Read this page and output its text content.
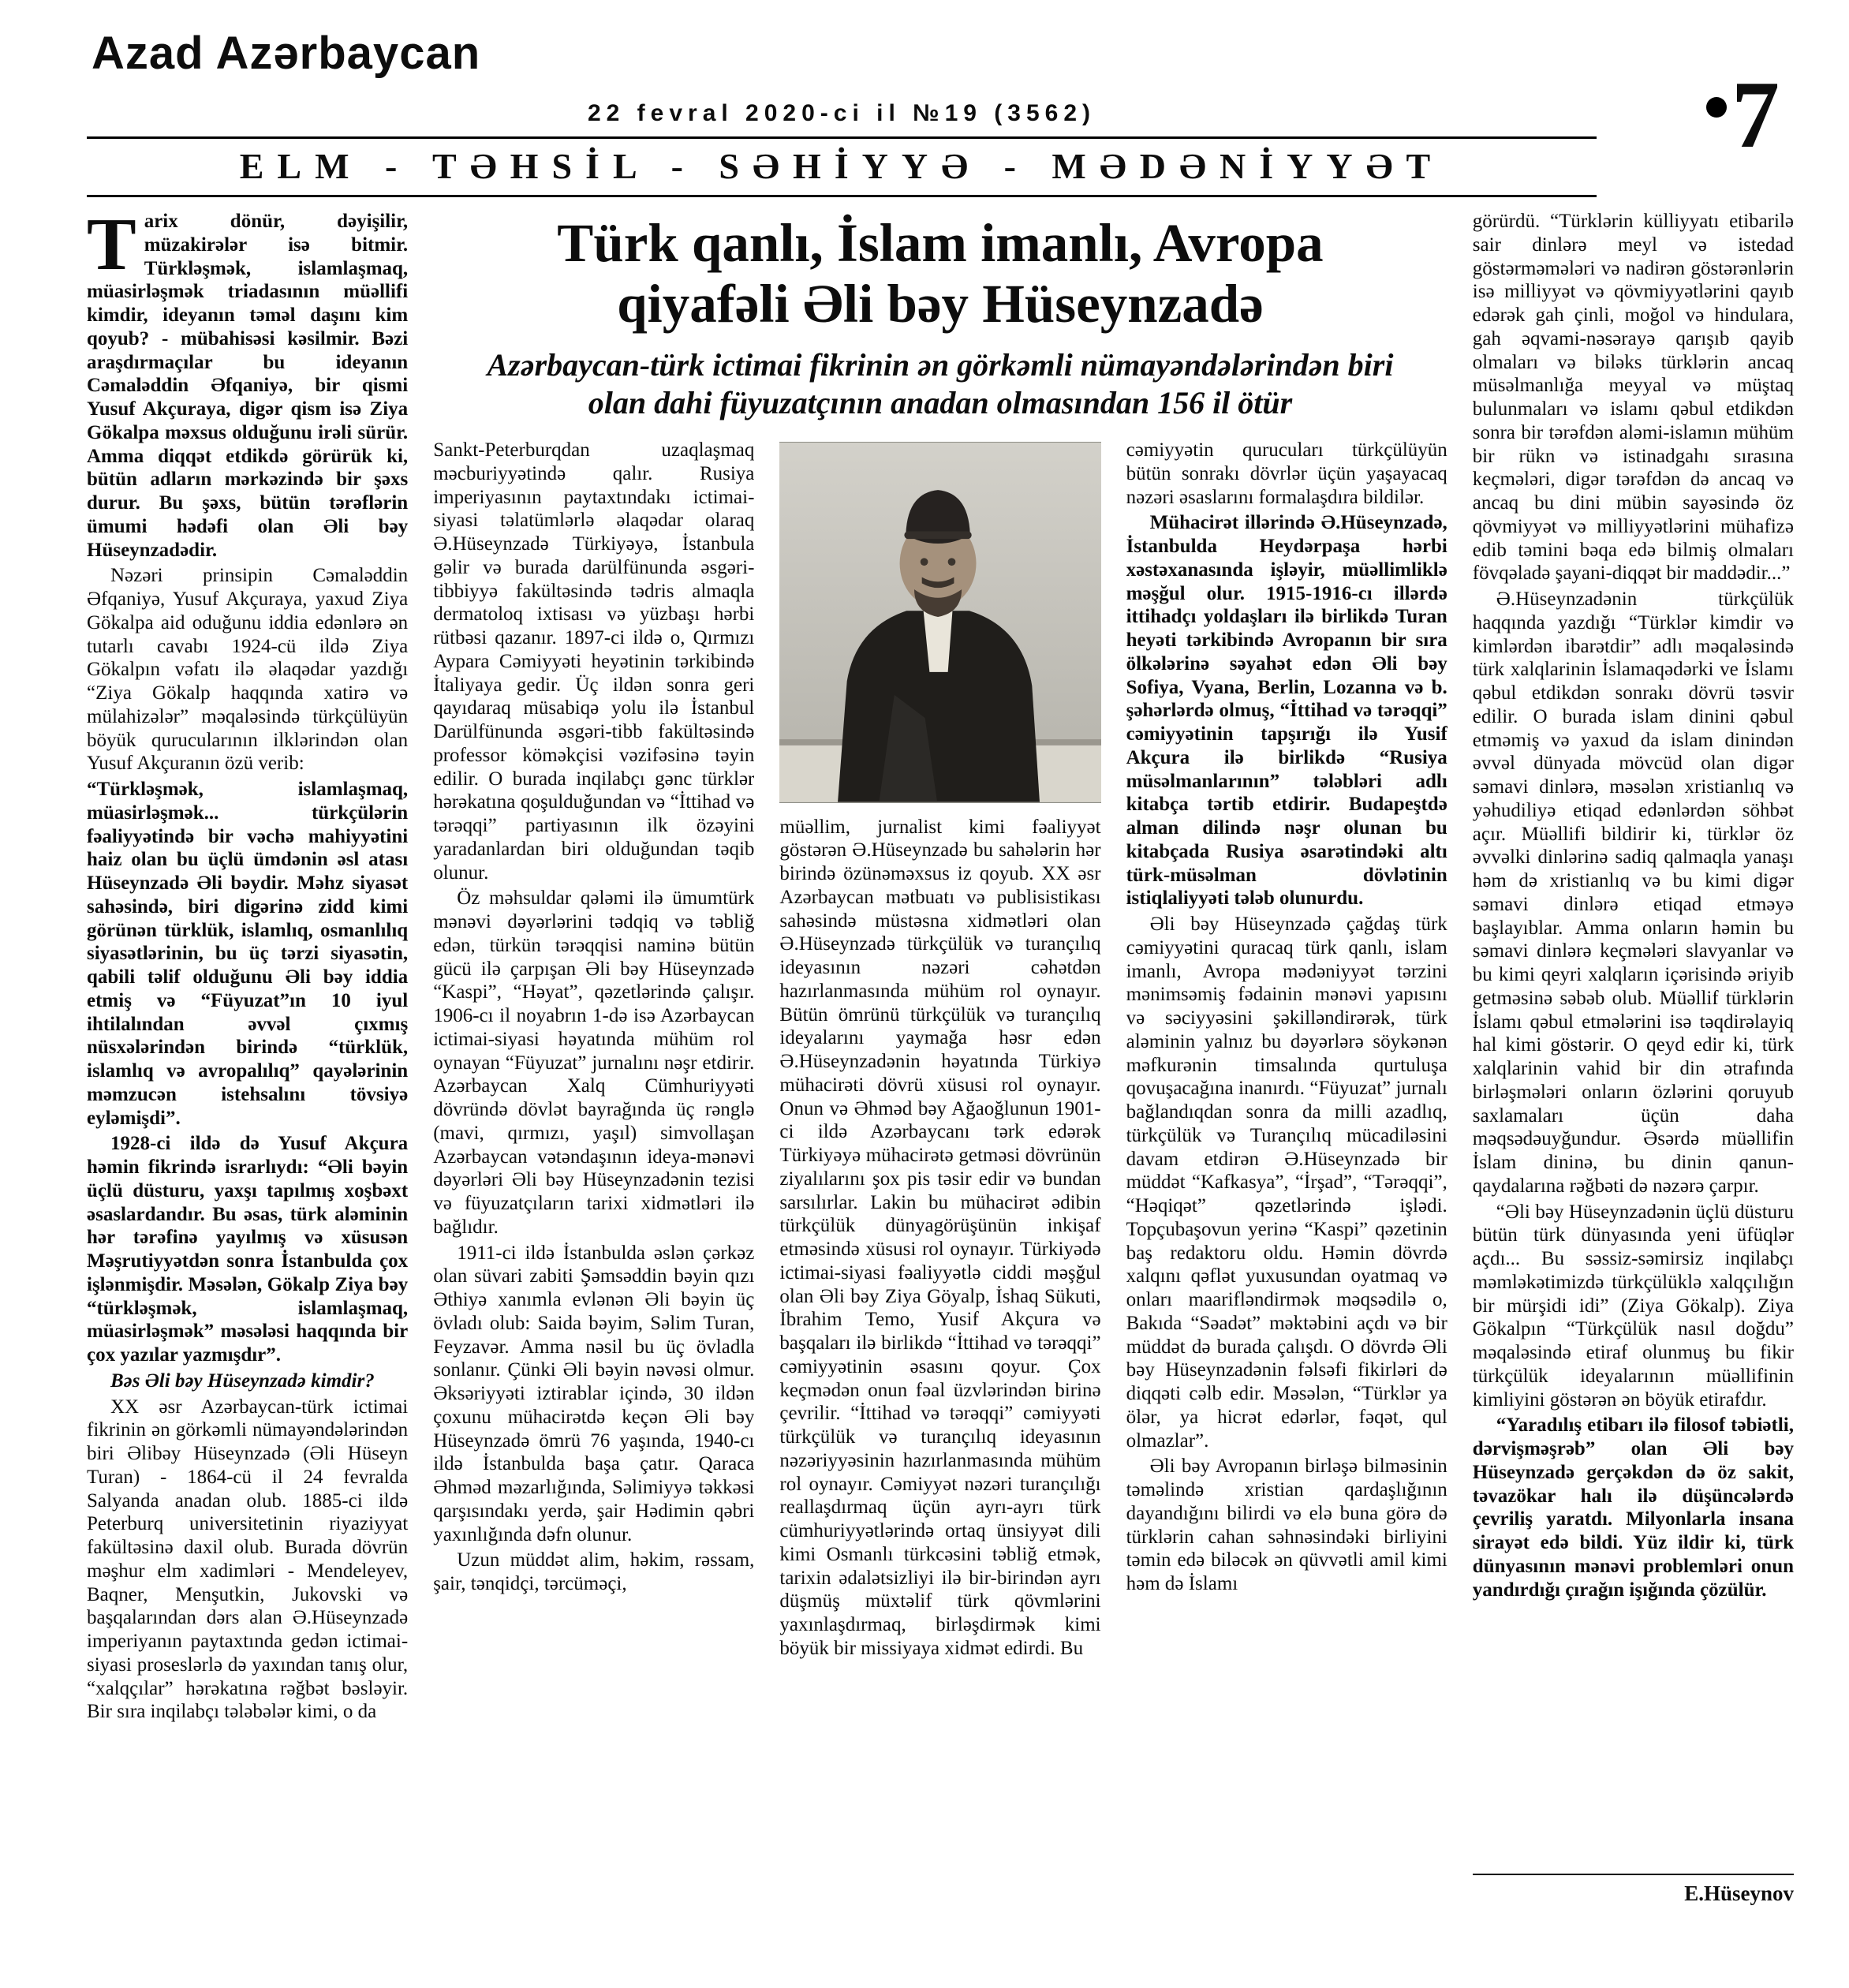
Azad Azərbaycan
22 fevral 2020-ci il №19 (3562)	7
ELM - TƏHSİL - SƏHİYYƏ - MƏDƏNİYYƏT

Tarix dönür, dəyişilir, müzakirələr isə bitmir. Türkləşmək, islamlaşmaq, müasirləşmək triadasının müəllifi kimdir, ideyanın təməl daşını kim qoyub? - mübahisəsi kəsilmir. Bəzi araşdırmaçılar bu ideyanın Cəmaləddin Əfqaniyə, bir qismi Yusuf Akçuraya, digər qism isə Ziya Gökalpa məxsus olduğunu irəli sürür. Amma diqqət etdikdə görürük ki, bütün adların mərkəzində bir şəxs durur. Bu şəxs, bütün tərəflərin ümumi hədəfi olan Əli bəy Hüseynzadədir.

Nəzəri prinsipin Cəmaləddin Əfqaniyə, Yusuf Akçuraya, yaxud Ziya Gökalpa aid oduğunu iddia edənlərə ən tutarlı cavabı 1924-cü ildə Ziya Gökalpın vəfatı ilə əlaqədar yazdığı “Ziya Gökalp haqqında xatirə və mülahizələr” məqaləsində türkçülüyün böyük qurucularının ilklərindən olan Yusuf Akçuranın özü verib:

“Türkləşmək, islamlaşmaq, müasirləşmək... türkçülərin fəaliyyətində bir vəchə mahiyyətini haiz olan bu üçlü ümdənin əsl atası Hüseynzadə Əli bəydir. Məhz siyasət sahəsində, biri digərinə zidd kimi görünən türklük, islamlıq, osmanlılıq siyasətlərinin, bu üç tərzi siyasətin, qabili təlif olduğunu Əli bəy iddia etmiş və “Füyuzat”ın 10 iyul ihtilalından əvvəl çıxmış nüsxələrindən birində “türklük, islamlıq və avropalılıq” qayələrinin məmzucən istehsalını tövsiyə eyləmişdi”.

1928-ci ildə də Yusuf Akçura həmin fikrində israrlıydı: “Əli bəyin üçlü düsturu, yaxşı tapılmış xoşbəxt əsaslardandır. Bu əsas, türk aləminin hər tərəfinə yayılmış və xüsusən Məşrutiyyətdən sonra İstanbulda çox işlənmişdir. Məsələn, Gökalp Ziya bəy “türkləşmək, islamlaşmaq, müasirləşmək” məsələsi haqqında bir çox yazılar yazmışdır”.

Bəs Əli bəy Hüseynzadə kimdir?

XX əsr Azərbaycan-türk ictimai fikrinin ən görkəmli nümayəndələrindən biri Əlibəy Hüseynzadə (Əli Hüseyn Turan) - 1864-cü il 24 fevralda Salyanda anadan olub. 1885-ci ildə Peterburq universitetinin riyaziyyat fakültəsinə daxil olub. Burada dövrün məşhur elm xadimləri - Mendeleyev, Baqner, Menşutkin, Jukovski və başqalarından dərs alan Ə.Hüseynzadə imperiyanın paytaxtında gedən ictimai-siyasi proseslərlə də yaxından tanış olur, “xalqçılar” hərəkatına rəğbət bəsləyir. Bir sıra inqilabçı tələbələr kimi, o da

Türk qanlı, İslam imanlı, Avropa qiyafəli Əli bəy Hüseynzadə
Azərbaycan-türk ictimai fikrinin ən görkəmli nümayəndələrindən biri olan dahi füyuzatçının anadan olmasından 156 il ötür

Sankt-Peterburqdan uzaqlaşmaq məcburiyyətində qalır. Rusiya imperiyasının paytaxtındakı ictimai-siyasi təlatümlərlə əlaqədar olaraq Ə.Hüseynzadə Türkiyəyə, İstanbula gəlir və burada darülfünunda əsgəri-tibbiyyə fakültəsində tədris almaqla dermatoloq ixtisası və yüzbaşı hərbi rütbəsi qazanır. 1897-ci ildə o, Qırmızı Aypara Cəmiyyəti heyətinin tərkibində İtaliyaya gedir. Üç ildən sonra geri qayıdaraq müsabiqə yolu ilə İstanbul Darülfünunda əsgəri-tibb fakültəsində professor köməkçisi vəzifəsinə təyin edilir. O burada inqilabçı gənc türklər hərəkatına qoşulduğundan və “İttihad və tərəqqi” partiyasının ilk özəyini yaradanlardan biri olduğundan təqib olunur.

Öz məhsuldar qələmi ilə ümumtürk mənəvi dəyərlərini tədqiq və təbliğ edən, türkün tərəqqisi naminə bütün gücü ilə çarpışan Əli bəy Hüseynzadə “Kaspi”, “Həyat”, qəzetlərində çalışır. 1906-cı il noyabrın 1-də isə Azərbaycan ictimai-siyasi həyatında mühüm rol oynayan “Füyuzat” jurnalını nəşr etdirir. Azərbaycan Xalq Cümhuriyyəti dövründə dövlət bayrağında üç rənglə (mavi, qırmızı, yaşıl) simvollaşan Azərbaycan vətəndaşının ideya-mənəvi dəyərləri Əli bəy Hüseynzadənin tezisi və füyuzatçıların tarixi xidmətləri ilə bağlıdır.

1911-ci ildə İstanbulda əslən çərkəz olan süvari zabiti Şəmsəddin bəyin qızı Əthiyə xanımla evlənən Əli bəyin üç övladı olub: Saida bəyim, Səlim Turan, Feyzavər. Amma nəsil bu üç övladla sonlanır. Çünki Əli bəyin nəvəsi olmur. Əksəriyyəti iztirablar içində, 30 ildən çoxunu mühacirətdə keçən Əli bəy Hüseynzadə ömrü 76 yaşında, 1940-cı ildə İstanbulda başa çatır. Qaraca Əhməd məzarlığında, Səlimiyyə təkkəsi qarşısındakı yerdə, şair Hədimin qəbri yaxınlığında dəfn olunur.

Uzun müddət alim, həkim, rəssam, şair, tənqidçi, tərcüməçi,

müəllim, jurnalist kimi fəaliyyət göstərən Ə.Hüseynzadə bu sahələrin hər birində özünəməxsus iz qoyub. XX əsr Azərbaycan mətbuatı və publisistikası sahəsində müstəsna xidmətləri olan Ə.Hüseynzadə türkçülük və turançılıq ideyasının nəzəri cəhətdən hazırlanmasında mühüm rol oynayır. Bütün ömrünü türkçülük və turançılıq ideyalarını yaymağa həsr edən Ə.Hüseynzadənin həyatında Türkiyə mühacirəti dövrü xüsusi rol oynayır. Onun və Əhməd bəy Ağaoğlunun 1901-ci ildə Azərbaycanı tərk edərək Türkiyəyə mühacirətə getməsi dövrünün ziyalılarını şox pis təsir edir və bundan sarsılırlar. Lakin bu mühacirət ədibin türkçülük dünyagörüşünün inkişaf etməsində xüsusi rol oynayır. Türkiyədə ictimai-siyasi fəaliyyətlə ciddi məşğul olan Əli bəy Ziya Göyalp, İshaq Sükuti, İbrahim Temo, Yusif Akçura və başqaları ilə birlikdə “İttihad və tərəqqi” cəmiyyətinin əsasını qoyur. Çox keçmədən onun fəal üzvlərindən birinə çevrilir. “İttihad və tərəqqi” cəmiyyəti türkçülük və turançılıq ideyasının nəzəriyyəsinin hazırlanmasında mühüm rol oynayır. Cəmiyyət nəzəri turançılığı reallaşdırmaq üçün ayrı-ayrı türk cümhuriyyətlərində ortaq ünsiyyət dili kimi Osmanlı türkcəsini təbliğ etmək, tarixin ədalətsizliyi ilə bir-birindən ayrı düşmüş müxtəlif türk qövmlərini yaxınlaşdırmaq, birləşdirmək kimi böyük bir missiyaya xidmət edirdi. Bu

cəmiyyətin qurucuları türkçülüyün bütün sonrakı dövrlər üçün yaşayacaq nəzəri əsaslarını formalaşdıra bildilər.

Mühacirət illərində Ə.Hüseynzadə, İstanbulda Heydərpaşa hərbi xəstəxanasında işləyir, müəllimliklə məşğul olur. 1915-1916-cı illərdə ittihadçı yoldaşları ilə birlikdə Turan heyəti tərkibində Avropanın bir sıra ölkələrinə səyahət edən Əli bəy Sofiya, Vyana, Berlin, Lozanna və b. şəhərlərdə olmuş, “İttihad və tərəqqi” cəmiyyətinin tapşırığı ilə Yusif Akçura ilə birlikdə “Rusiya müsəlmanlarının” tələbləri adlı kitabça tərtib etdirir. Budapeştdə alman dilində nəşr olunan bu kitabçada Rusiya əsarətindəki altı türk-müsəlman dövlətinin istiqlaliyyəti tələb olunurdu.

Əli bəy Hüseynzadə çağdaş türk cəmiyyətini quracaq türk qanlı, islam imanlı, Avropa mədəniyyət tərzini mənimsəmiş fədainin mənəvi yapısını və səciyyəsini şəkilləndirərək, türk aləminin yalnız bu dəyərlərə söykənən məfkurənin timsalında qurtuluşa qovuşacağına inanırdı. “Füyuzat” jurnalı bağlandıqdan sonra da milli azadlıq, türkçülük və Turançılıq mücadiləsini davam etdirən Ə.Hüseynzadə bir müddət “Kafkasya”, “İrşad”, “Tərəqqi”, “Həqiqət” qəzetlərində işlədi. Topçubaşovun yerinə “Kaspi” qəzetinin baş redaktoru oldu. Həmin dövrdə xalqını qəflət yuxusundan oyatmaq və onları maarifləndirmək məqsədilə o, Bakıda “Səadət” məktəbini açdı və bir müddət də burada çalışdı. O dövrdə Əli bəy Hüseynzadənin fəlsəfi fikirləri də diqqəti cəlb edir. Məsələn, “Türklər ya ölər, ya hicrət edərlər, fəqət, qul olmazlar”.

Əli bəy Avropanın birləşə bilməsinin təməlində xristian qardaşlığının dayandığını bilirdi və elə buna görə də türklərin cahan səhnəsindəki birliyini təmin edə biləcək ən qüvvətli amil kimi həm də İslamı

görürdü. “Türklərin külliyyatı etibarilə sair dinlərə meyl və istedad göstərməmələri və nadirən göstərənlərin isə milliyyət və qövmiyyətlərini qayıb edərək gah çinli, moğol və hindulara, gah əqvami-nəsərayə qarışıb qayib olmaları və biləks türklərin ancaq müsəlmanlığa meyyal və müştaq bulunmaları və islamı qəbul etdikdən sonra bir tərəfdən aləmi-islamın mühüm bir rükn və istinadgahı sırasına keçmələri, digər tərəfdən də ancaq və ancaq bu dini mübin sayəsində öz qövmiyyət və milliyyətlərini mühafizə edib təmini bəqa edə bilmiş olmaları fövqəladə şayani-diqqət bir maddədir...”

Ə.Hüseynzadənin türkçülük haqqında yazdığı “Türklər kimdir və kimlərdən ibarətdir” adlı məqaləsində türk xalqlarinin İslamaqədərki ve İslamı qəbul etdikdən sonrakı dövrü təsvir edilir. O burada islam dinini qəbul etməmiş və yaxud da islam dinindən əvvəl dünyada mövcüd olan digər səmavi dinlərə, məsələn xristianlıq və yəhudiliyə etiqad edənlərdən söhbət açır. Müəllifi bildirir ki, türklər öz əvvəlki dinlərinə sadiq qalmaqla yanaşı həm də xristianlıq və bu kimi digər səmavi dinlərə etiqad etməyə başlayıblar. Amma onların həmin bu səmavi dinlərə keçmələri slavyanlar və bu kimi qeyri xalqların içərisində əriyib getməsinə səbəb olub. Müəllif türklərin İslamı qəbul etmələrini isə təqdirəlayiq hal kimi göstərir. O qeyd edir ki, türk xalqlarinin vahid bir din ətrafında birləşmələri onların özlərini qoruyub saxlamaları üçün daha məqsədəuyğundur. Əsərdə müəllifin İslam dininə, bu dinin qanun-qaydalarına rəğbəti də nəzərə çarpır.

“Əli bəy Hüseynzadənin üçlü düsturu bütün türk dünyasında yeni üfüqlər açdı... Bu səssiz-səmirsiz inqilabçı məmləkətimizdə türkçülüklə xalqçılığın bir mürşidi idi” (Ziya Gökalp). Ziya Gökalpın “Türkçülük nasıl doğdu” məqaləsində etiraf olunmuş bu fikir türkçülük ideyalarının müəllifinin kimliyini göstərən ən böyük etirafdır.

“Yaradılış etibarı ilə filosof təbiətli, dərvişməşrəb” olan Əli bəy Hüseynzadə gerçəkdən də öz sakit, təvazökar halı ilə düşüncələrdə çevriliş yaratdı. Milyonlarla insana sirayət edə bildi. Yüz ildir ki, türk dünyasının mənəvi problemləri onun yandırdığı çırağın işığında çözülür.

E.Hüseynov
